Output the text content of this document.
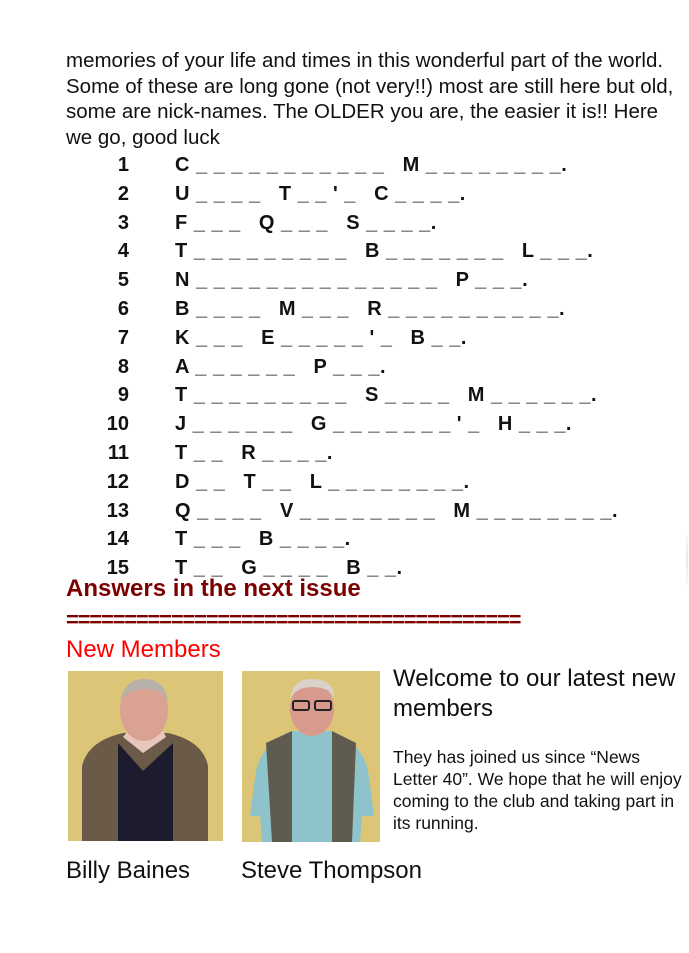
memories of your life and times in this wonderful part of the world. Some of these are long gone (not very!!) most are still here but old, some are nick-names. The OLDER you are, the easier it is!! Here we go, good luck

1 C _ _ _ _ _ _ _ _ _ _ _   M _ _ _ _ _ _ _ _.
2 U _ _ _ _   T _ _ ' _   C _ _ _ _.
3 F _ _ _   Q _ _ _   S _ _ _ _.
4 T _ _ _ _ _ _ _ _ _   B _ _ _ _ _ _ _   L _ _ _.
5 N _ _ _ _ _ _ _ _ _ _ _ _ _ _   P _ _ _.
6 B _ _ _ _   M _ _ _   R _ _ _ _ _ _ _ _ _ _.
7 K _ _ _   E _ _ _ _ _ ' _   B _ _.
8 A _ _ _ _ _ _   P _ _ _.
9 T _ _ _ _ _ _ _ _ _   S _ _ _ _   M _ _ _ _ _ _.
10 J _ _ _ _ _ _   G _ _ _ _ _ _ _ ' _   H _ _ _.
11 T _ _   R _ _ _ _.
12 D _ _   T _ _   L _ _ _ _ _ _ _ _.
13 Q _ _ _ _   V _ _ _ _ _ _ _ _   M _ _ _ _ _ _ _ _.
14 T _ _ _   B _ _ _ _.
15 T _ _   G _ _ _ _   B _ _.
Answers in the next issue
=======================================
New Members

Billy Baines Steve Thompson

Welcome to our latest new members

They has joined us since “News Letter 40”. We hope that he will enjoy coming to the club and taking part in its running.
